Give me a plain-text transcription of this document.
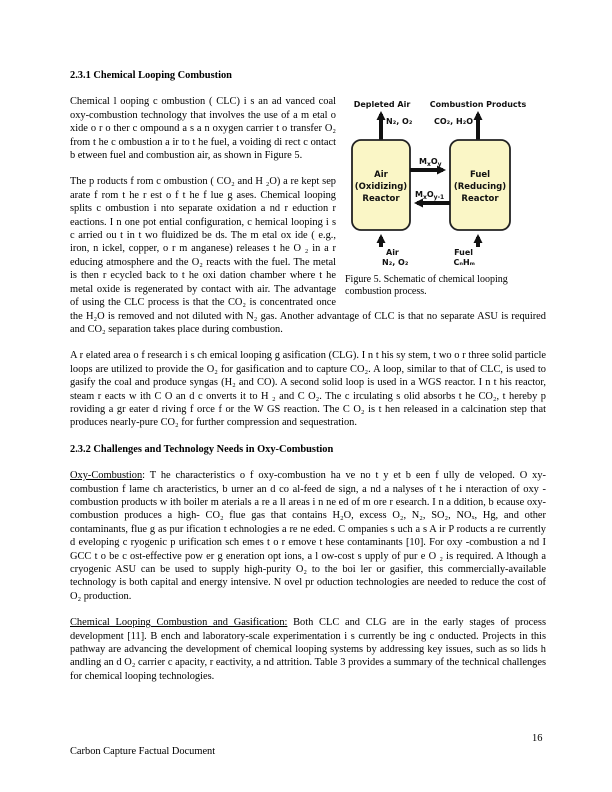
2.3.1 Chemical Looping Combustion
Depleted Air Combustion Products
N₂, O₂	CO₂, H₂O
Air
(Oxidizing)
Reactor
Fuel
(Reducing)
Reactor
$M_xO_y$
$M_xO_{y-1}$
Air
N₂, O₂
Fuel
CₙHₘ
Figure 5. Schematic of chemical looping combustion process.

Chemical l ooping c ombustion ( CLC) i s an ad vanced coal oxy-combustion technology that involves the use of a m etal o xide o r o ther c ompound a s a n oxygen carrier t o transfer O₂ from t he c ombustion a ir to t he fuel, a voiding di rect c ontact b etween fuel and combustion air, as shown in Figure 5.

The p roducts f rom c ombustion ( CO₂ and H ₂O) a re kept sep arate f rom t he r est o f t he f lue g ases. Chemical looping splits c ombustion i nto separate oxidation a nd r eduction r eactions. I n one pot ential configuration, c hemical looping i s c arried ou t in t wo fluidized be ds. The m etal ox ide ( e.g., iron, n ickel, copper, o r m anganese) releases t he O ₂ in a r educing atmosphere and the O₂ reacts with the fuel. The metal is then r ecycled back to t he oxi dation chamber where t he metal oxide is regenerated by contact with air. The advantage of using the CLC process is that the CO₂ is concentrated once the H₂O is removed and not diluted with N₂ gas. Another advantage of CLC is that no separate ASU is required and CO₂ separation takes place during combustion.

A r elated area o f research i s ch emical looping g asification (CLG). I n t his sy stem, t wo o r three solid particle loops are utilized to provide the O₂ for gasification and to capture CO₂. A loop, similar to that of CLC, is used to gasify the coal and produce syngas (H₂ and CO). A second solid loop is used in a WGS reactor. I n t his reactor, steam r eacts w ith C O an d c onverts it to H ₂ and C O₂. The c irculating s olid absorbs t he CO₂, t hereby p roviding a gr eater d riving f orce f or the W GS reaction. The C O₂ is t hen released in a calcination step that produces nearly-pure CO₂ for further compression and sequestration.

2.3.2 Challenges and Technology Needs in Oxy-Combustion

Oxy-Combustion: T he characteristics o f oxy-combustion ha ve no t y et b een f ully de veloped. O xy-combustion f lame ch aracteristics, b urner an d co al-feed de sign, a nd a nalyses of t he i nteraction of oxy -combustion products w ith boiler m aterials a re a ll areas i n ne ed of m ore r esearch. I n a ddition, b ecause oxy-combustion produces a high- CO₂ flue gas that contains H₂O, excess O₂, N₂, SO₂, NOₓ, Hg, and other contaminants, flue g as pur ification t echnologies a re ne eded. C ompanies s uch a s A ir P roducts a re currently d eveloping c ryogenic p urification sch emes t o r emove t hese contaminants [10]. For oxy -combustion a nd I GCC t o be c ost-effective pow er g eneration opt ions, a l ow-cost s upply of pur e O ₂ is required. A lthough a cryogenic ASU can be used to supply high-purity O₂ to the boi ler or gasifier, this commercially-available technology is both capital and energy intensive. N ovel pr oduction technologies are needed to reduce the cost of O₂ production.

Chemical Looping Combustion and Gasification: Both CLC and CLG are in the early stages of process development [11]. B ench and laboratory-scale experimentation i s currently be ing c onducted. Projects in this pathway are advancing the development of chemical looping systems by addressing key issues, such as so lids h andling an d O₂ carrier c apacity, r eactivity, a nd attrition. Table 3 provides a summary of the technical challenges for chemical looping technologies.

16
Carbon Capture Factual Document
